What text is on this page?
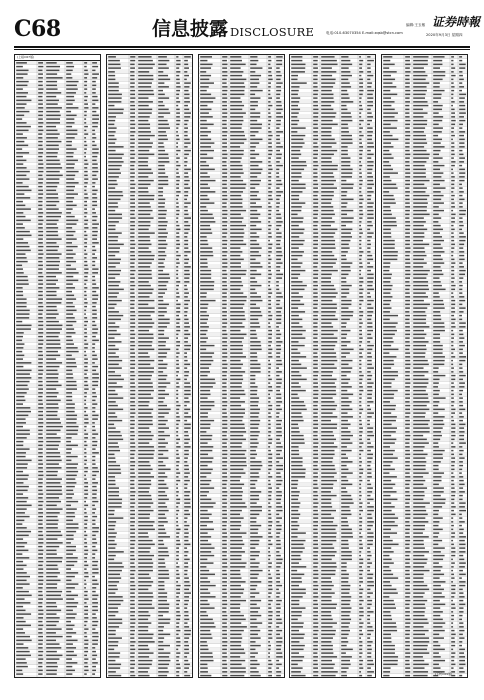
C68	信息披露 DISCLOSURE	电话:010-63070354 E-mail:zqsb@stcn.com
编辑:王玉敏 证券時報
2020年9月3日 星期四
(上接C67版)
(下转C69版)
